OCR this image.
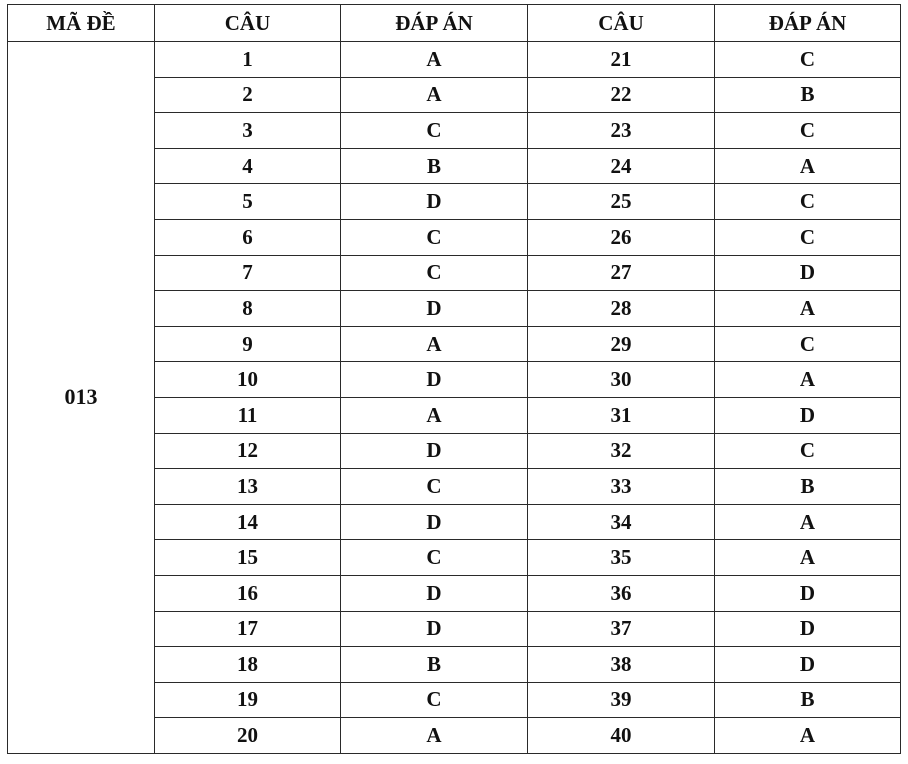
MÃ ĐỀ	CÂU	ĐÁP ÁN	CÂU	ĐÁP ÁN
013	1	A	21	C
	2	A	22	B
	3	C	23	C
	4	B	24	A
	5	D	25	C
	6	C	26	C
	7	C	27	D
	8	D	28	A
	9	A	29	C
	10	D	30	A
	11	A	31	D
	12	D	32	C
	13	C	33	B
	14	D	34	A
	15	C	35	A
	16	D	36	D
	17	D	37	D
	18	B	38	D
	19	C	39	B
	20	A	40	A
